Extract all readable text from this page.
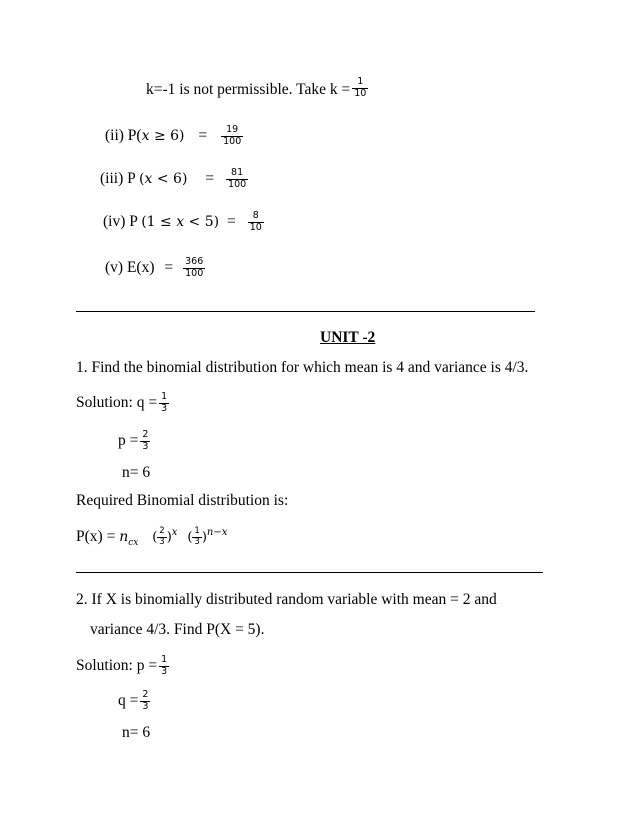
k=-1 is not permissible. Take $k = \frac{1}{10}$
(ii) P(𝑥 ≥ $6) = \frac{19}{100}$
(iii) P (𝑥 < $6) = \frac{81}{100}$
(iv) P (1 ≤ 𝑥 < $5) = \frac{8}{10}$
(v) $E(x) = \frac{366}{100}$
UNIT -2
1. Find the binomial distribution for which mean is 4 and variance is 4/3.
Solution: $q = \frac{1}{3}$
$p = \frac{2}{3}$
n= 6
Required Binomial distribution is:
$P(x) = n_{cx}$ ( $\frac{2}{3} )^x$ ( $\frac{1}{3} )^{n-x}$
2. If X is binomially distributed random variable with mean = 2 and
variance 4/3. Find P(X = 5).
Solution: $p = \frac{1}{3}$
$q = \frac{2}{3}$
n= 6
